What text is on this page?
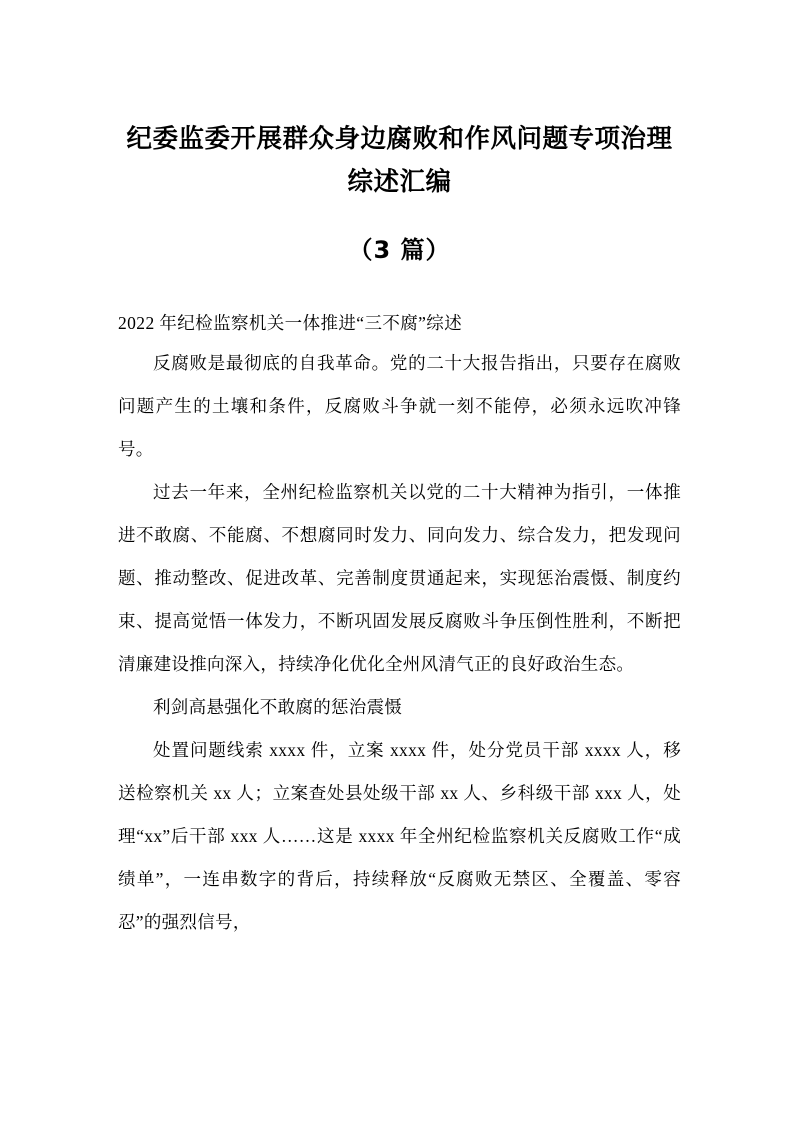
纪委监委开展群众身边腐败和作风问题专项治理综述汇编
（3 篇）
2022 年纪检监察机关一体推进“三不腐”综述

反腐败是最彻底的自我革命。党的二十大报告指出，只要存在腐败问题产生的土壤和条件，反腐败斗争就一刻不能停，必须永远吹冲锋号。

过去一年来，全州纪检监察机关以党的二十大精神为指引，一体推进不敢腐、不能腐、不想腐同时发力、同向发力、综合发力，把发现问题、推动整改、促进改革、完善制度贯通起来，实现惩治震慑、制度约束、提高觉悟一体发力，不断巩固发展反腐败斗争压倒性胜利，不断把清廉建设推向深入，持续净化优化全州风清气正的良好政治生态。

利剑高悬强化不敢腐的惩治震慑

处置问题线索 xxxx 件，立案 xxxx 件，处分党员干部 xxxx 人，移送检察机关 xx 人；立案查处县处级干部 xx 人、乡科级干部 xxx 人，处理“xx”后干部 xxx 人……这是 xxxx 年全州纪检监察机关反腐败工作“成绩单”，一连串数字的背后，持续释放“反腐败无禁区、全覆盖、零容忍”的强烈信号，
